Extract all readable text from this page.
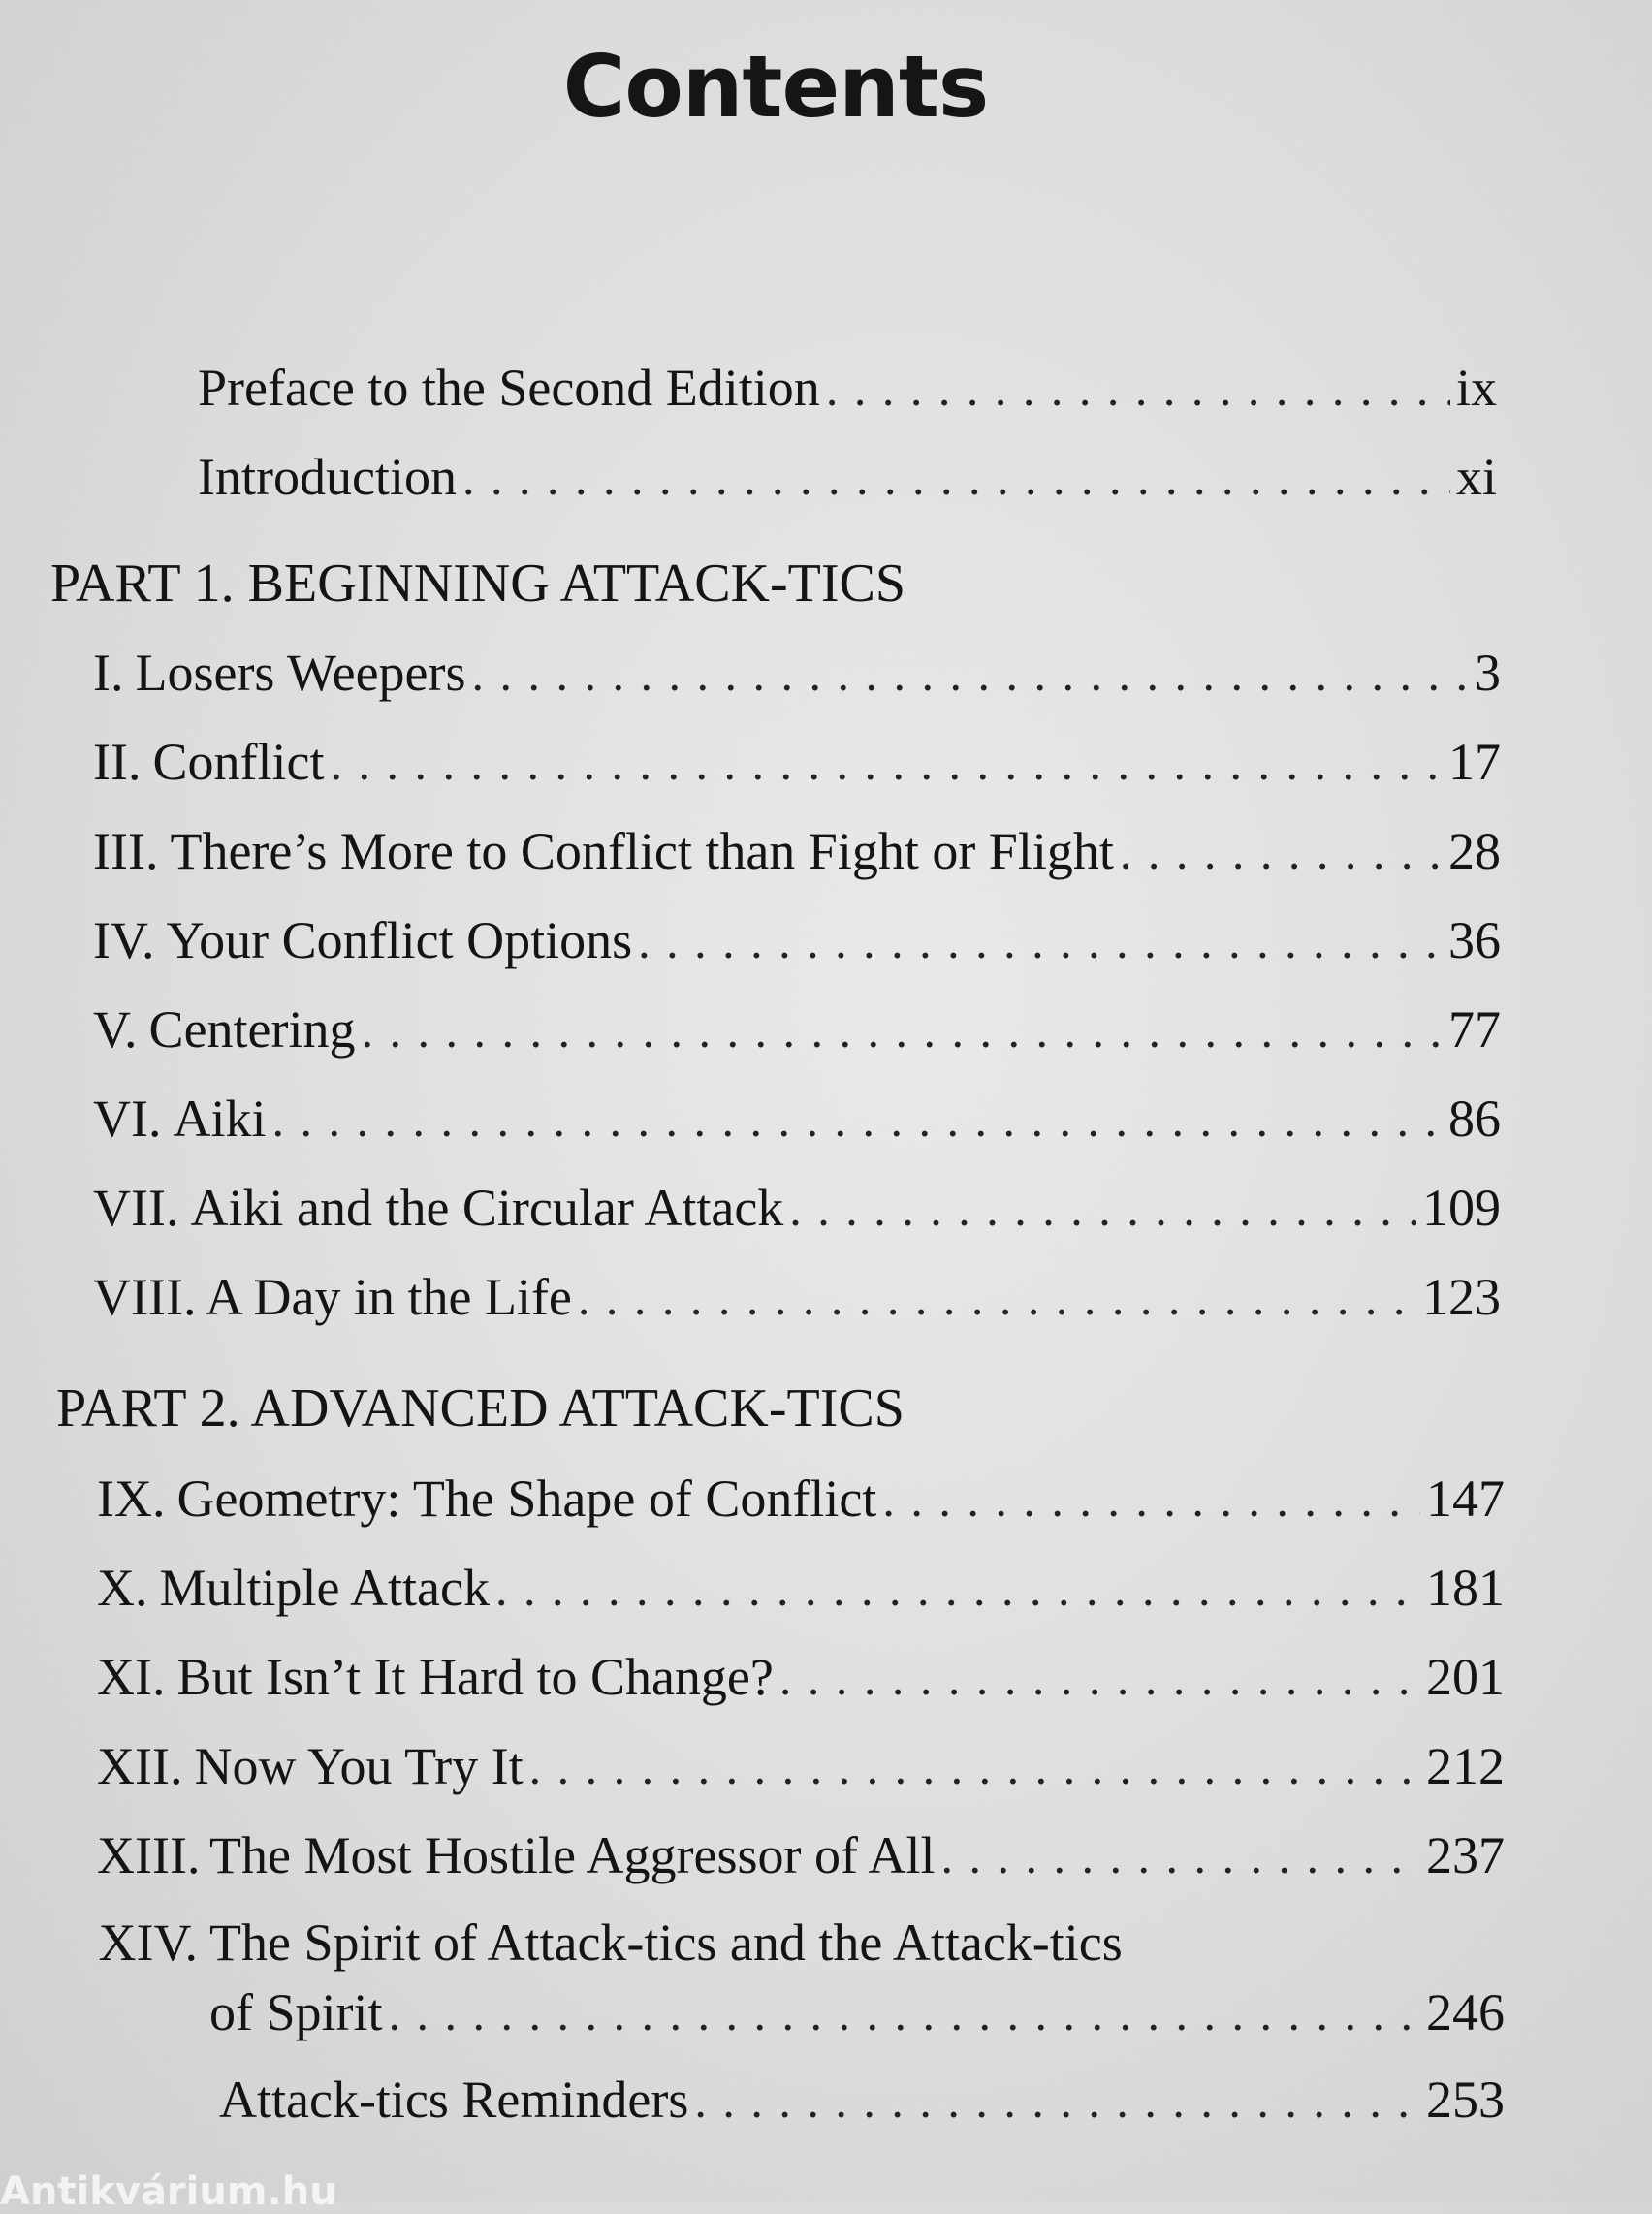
Contents
Preface to the Second Edition . . .	ix
Introduction . . .	xi
PART 1. BEGINNING ATTACK-TICS
I. Losers Weepers . . .	3
II. Conflict . . .	17
III. There’s More to Conflict than Fight or Flight . . .	28
IV. Your Conflict Options . . .	36
V. Centering . . .	77
VI. Aiki . . .	86
VII. Aiki and the Circular Attack . . .	109
VIII. A Day in the Life . . .	123
PART 2. ADVANCED ATTACK-TICS
IX. Geometry: The Shape of Conflict . . .	147
X. Multiple Attack . . .	181
XI. But Isn’t It Hard to Change? . . .	201
XII. Now You Try It . . .	212
XIII. The Most Hostile Aggressor of All . . .	237
XIV. The Spirit of Attack-tics and the Attack-tics
of Spirit . . .	246
Attack-tics Reminders . . .	253
Antikvárium.hu
